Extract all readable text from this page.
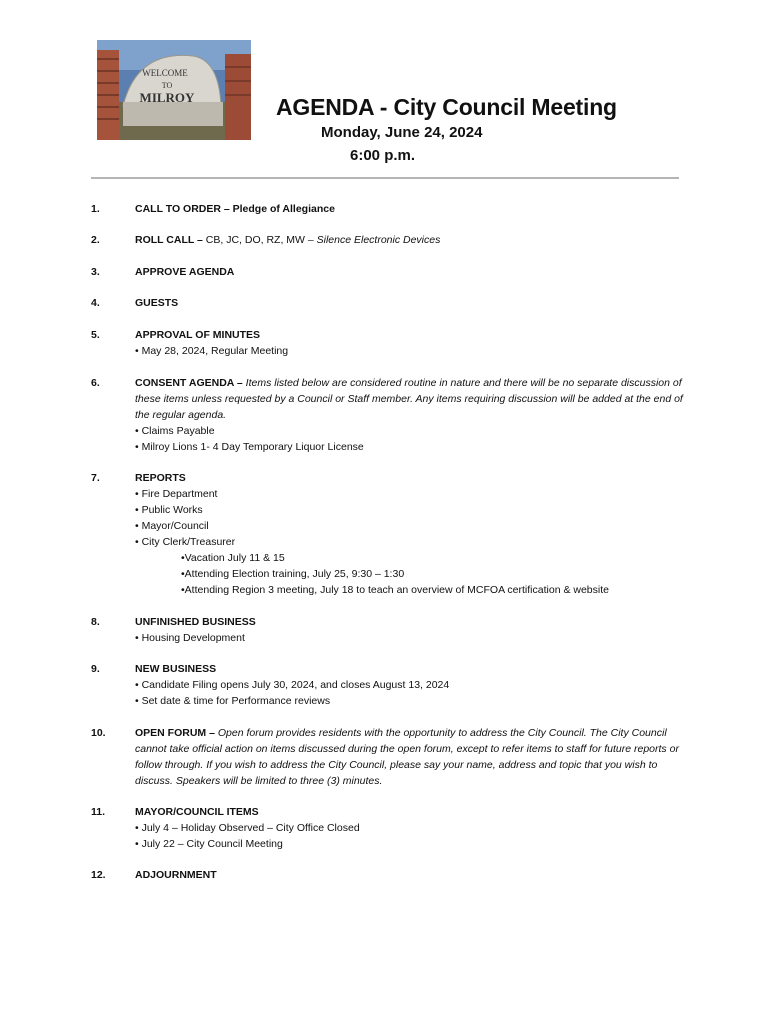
WELCOME
TO
MILROY	AGENDA - City Council Meeting
Monday, June 24, 2024
6:00 p.m.
1.	CALL TO ORDER – Pledge of Allegiance
2.	ROLL CALL – CB, JC, DO, RZ, MW – Silence Electronic Devices
3.	APPROVE AGENDA
4.	GUESTS
5.	APPROVAL OF MINUTES
• May 28, 2024, Regular Meeting
6.	CONSENT AGENDA – Items listed below are considered routine in nature and there will be no separate discussion of these items unless requested by a Council or Staff member. Any items requiring discussion will be added at the end of the regular agenda.
• Claims Payable
• Milroy Lions 1- 4 Day Temporary Liquor License
7.	REPORTS
• Fire Department
• Public Works
• Mayor/Council
• City Clerk/Treasurer
•Vacation July 11 & 15
•Attending Election training, July 25, 9:30 – 1:30
•Attending Region 3 meeting, July 18 to teach an overview of MCFOA certification & website
8.	UNFINISHED BUSINESS
• Housing Development
9.	NEW BUSINESS
• Candidate Filing opens July 30, 2024, and closes August 13, 2024
• Set date & time for Performance reviews
10.	OPEN FORUM – Open forum provides residents with the opportunity to address the City Council. The City Council cannot take official action on items discussed during the open forum, except to refer items to staff for future reports or follow through. If you wish to address the City Council, please say your name, address and topic that you wish to discuss. Speakers will be limited to three (3) minutes.
11.	MAYOR/COUNCIL ITEMS
• July 4 – Holiday Observed – City Office Closed
• July 22 – City Council Meeting
12.	ADJOURNMENT
